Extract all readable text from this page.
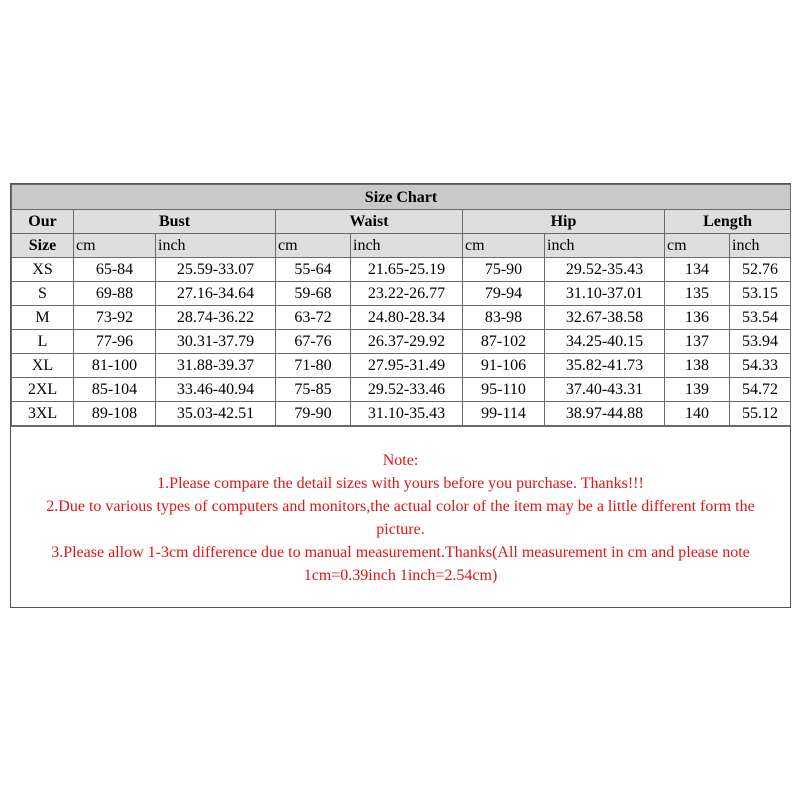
Size Chart								
Our	Bust		Waist		Hip		Length	
Size	cm	inch	cm	inch	cm	inch	cm	inch
XS	65-84	25.59-33.07	55-64	21.65-25.19	75-90	29.52-35.43	134	52.76
S	69-88	27.16-34.64	59-68	23.22-26.77	79-94	31.10-37.01	135	53.15
M	73-92	28.74-36.22	63-72	24.80-28.34	83-98	32.67-38.58	136	53.54
L	77-96	30.31-37.79	67-76	26.37-29.92	87-102	34.25-40.15	137	53.94
XL	81-100	31.88-39.37	71-80	27.95-31.49	91-106	35.82-41.73	138	54.33
2XL	85-104	33.46-40.94	75-85	29.52-33.46	95-110	37.40-43.31	139	54.72
3XL	89-108	35.03-42.51	79-90	31.10-35.43	99-114	38.97-44.88	140	55.12
Note:
1.Please compare the detail sizes with yours before you purchase. Thanks!!!
2.Due to various types of computers and monitors,the actual color of the item may be a little different form the picture.
3.Please allow 1-3cm difference due to manual measurement.Thanks(All measurement in cm and please note 1cm=0.39inch 1inch=2.54cm)
